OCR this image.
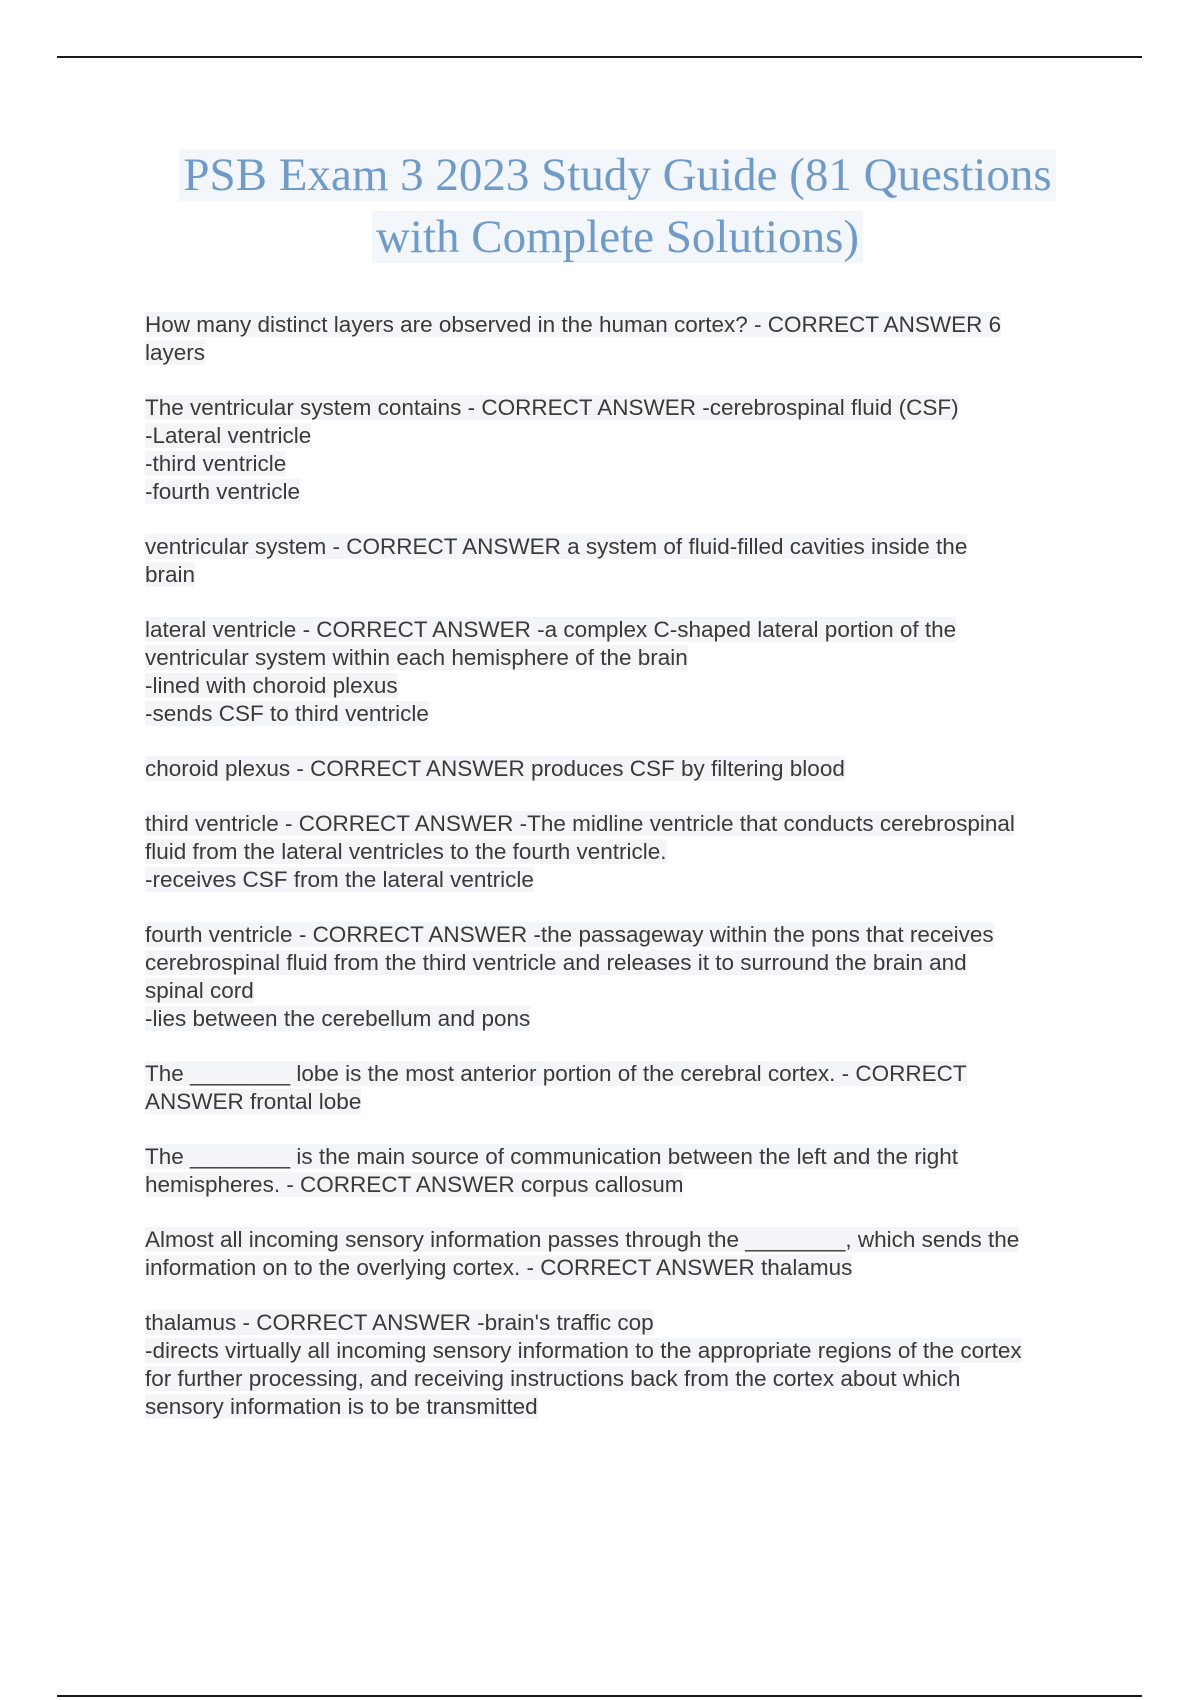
PSB Exam 3 2023 Study Guide (81 Questions
with Complete Solutions)
How many distinct layers are observed in the human cortex? - CORRECT ANSWER 6
layers
The ventricular system contains - CORRECT ANSWER -cerebrospinal fluid (CSF)
-Lateral ventricle
-third ventricle
-fourth ventricle
ventricular system - CORRECT ANSWER a system of fluid-filled cavities inside the
brain
lateral ventricle - CORRECT ANSWER -a complex C-shaped lateral portion of the
ventricular system within each hemisphere of the brain
-lined with choroid plexus
-sends CSF to third ventricle
choroid plexus - CORRECT ANSWER produces CSF by filtering blood
third ventricle - CORRECT ANSWER -The midline ventricle that conducts cerebrospinal
fluid from the lateral ventricles to the fourth ventricle.
-receives CSF from the lateral ventricle
fourth ventricle - CORRECT ANSWER -the passageway within the pons that receives
cerebrospinal fluid from the third ventricle and releases it to surround the brain and
spinal cord
-lies between the cerebellum and pons
The ________ lobe is the most anterior portion of the cerebral cortex. - CORRECT
ANSWER frontal lobe
The ________ is the main source of communication between the left and the right
hemispheres. - CORRECT ANSWER corpus callosum
Almost all incoming sensory information passes through the ________, which sends the
information on to the overlying cortex. - CORRECT ANSWER thalamus
thalamus - CORRECT ANSWER -brain's traffic cop
-directs virtually all incoming sensory information to the appropriate regions of the cortex
for further processing, and receiving instructions back from the cortex about which
sensory information is to be transmitted
